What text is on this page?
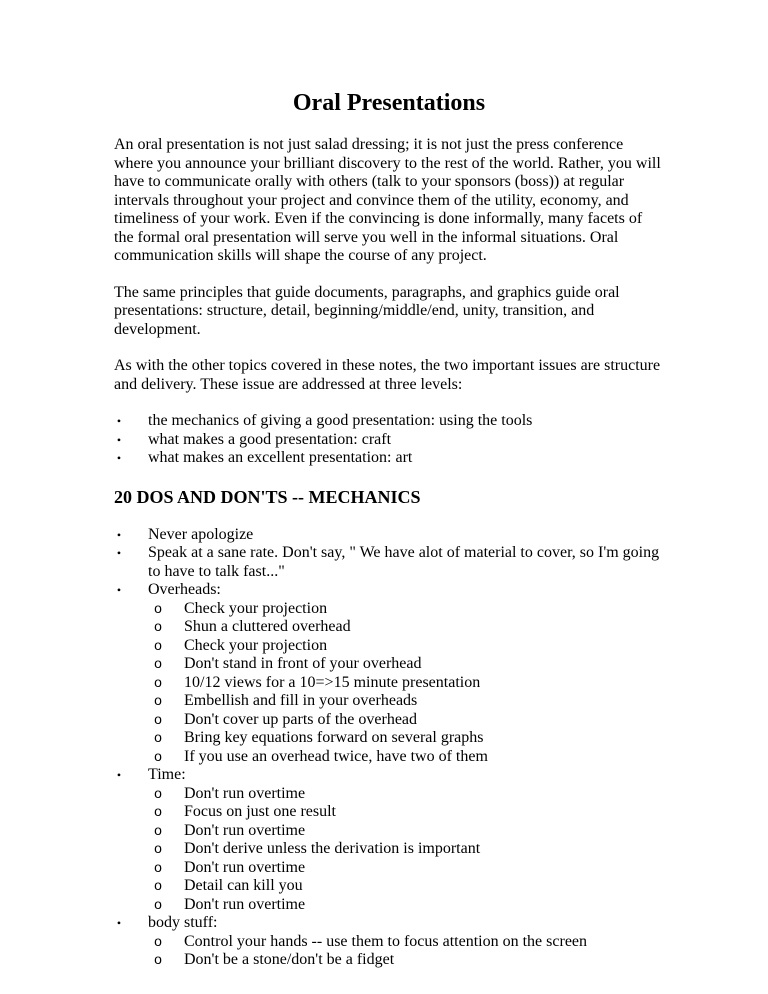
Oral Presentations

An oral presentation is not just salad dressing; it is not just the press conference where you announce your brilliant discovery to the rest of the world. Rather, you will have to communicate orally with others (talk to your sponsors (boss)) at regular intervals throughout your project and convince them of the utility, economy, and timeliness of your work. Even if the convincing is done informally, many facets of the formal oral presentation will serve you well in the informal situations. Oral communication skills will shape the course of any project.

The same principles that guide documents, paragraphs, and graphics guide oral presentations: structure, detail, beginning/middle/end, unity, transition, and development.

As with the other topics covered in these notes, the two important issues are structure and delivery. These issue are addressed at three levels:

• the mechanics of giving a good presentation: using the tools
• what makes a good presentation: craft
• what makes an excellent presentation: art
20 DOS AND DON'TS -- MECHANICS
• Never apologize
• Speak at a sane rate. Don't say, " We have alot of material to cover, so I'm going to have to talk fast..."
• Overheads:
o	Check your projection
o	Shun a cluttered overhead
o	Check your projection
o	Don't stand in front of your overhead
o	10/12 views for a 10=>15 minute presentation
o	Embellish and fill in your overheads
o	Don't cover up parts of the overhead
o	Bring key equations forward on several graphs
o	If you use an overhead twice, have two of them
• Time:
o	Don't run overtime
o	Focus on just one result
o	Don't run overtime
o	Don't derive unless the derivation is important
o	Don't run overtime
o	Detail can kill you
o	Don't run overtime
• body stuff:
o	Control your hands -- use them to focus attention on the screen
o	Don't be a stone/don't be a fidget
